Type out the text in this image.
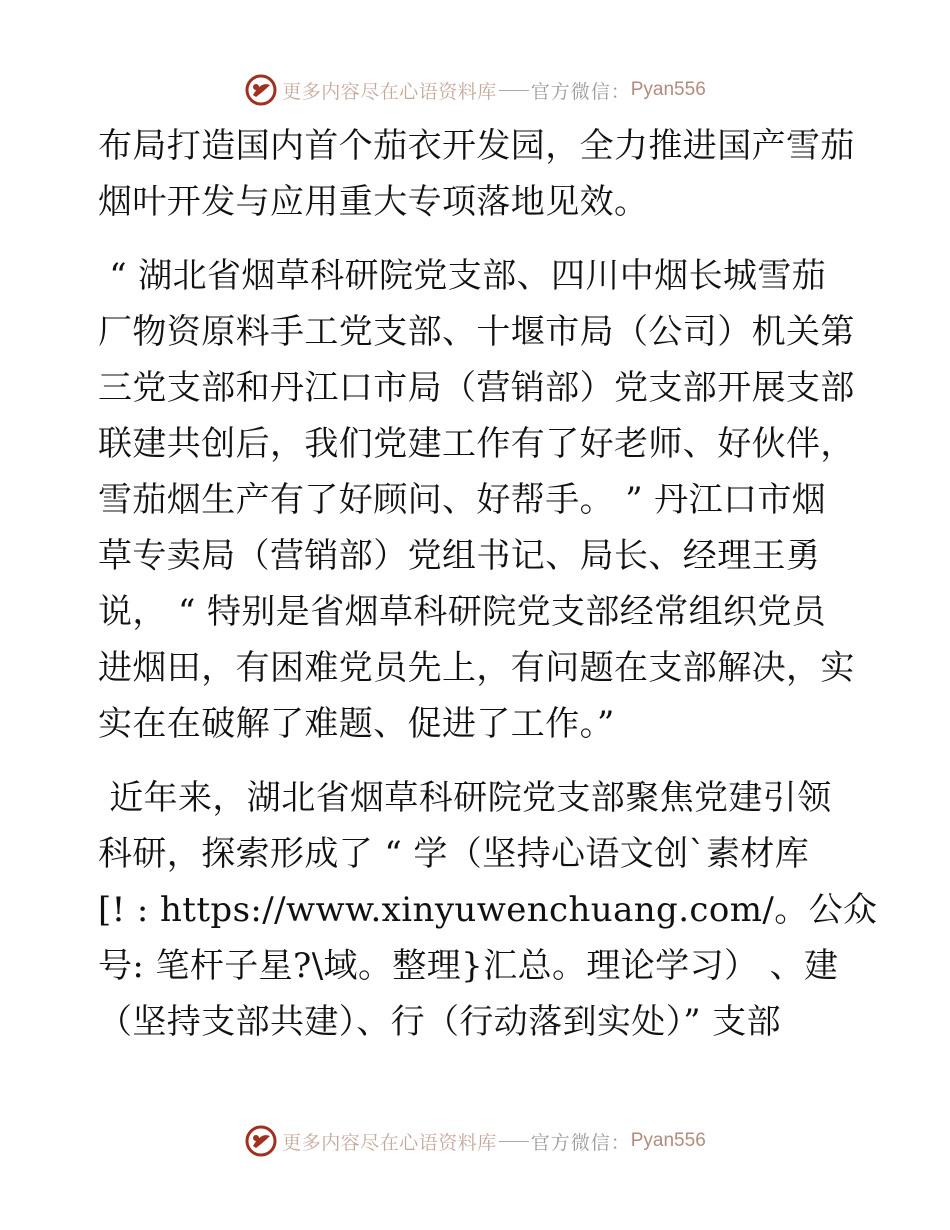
更多内容尽在心语资料库 官方微信： Pyan556
布局打造国内首个茄衣开发园，全力推进国产雪茄
烟叶开发与应用重大专项落地见效。
“ 湖北省烟草科研院党支部、四川中烟长城雪茄
厂物资原料手工党支部、十堰市局（公司）机关第
三党支部和丹江口市局（营销部）党支部开展支部
联建共创后，我们党建工作有了好老师、好伙伴，
雪茄烟生产有了好顾问、好帮手。 ” 丹江口市烟
草专卖局（营销部）党组书记、局长、经理王勇
说， “ 特别是省烟草科研院党支部经常组织党员
进烟田，有困难党员先上，有问题在支部解决，实
实在在破解了难题、促进了工作。”
近年来，湖北省烟草科研院党支部聚焦党建引领
科研，探索形成了 “ 学（坚持心语文创`素材库
[! : https://www.xinyuwenchuang.com/。公众
号: 笔杆子星?\域。整理}汇总。理论学习） 、建
（坚持支部共建）、行（行动落到实处）” 支部
更多内容尽在心语资料库 官方微信： Pyan556
